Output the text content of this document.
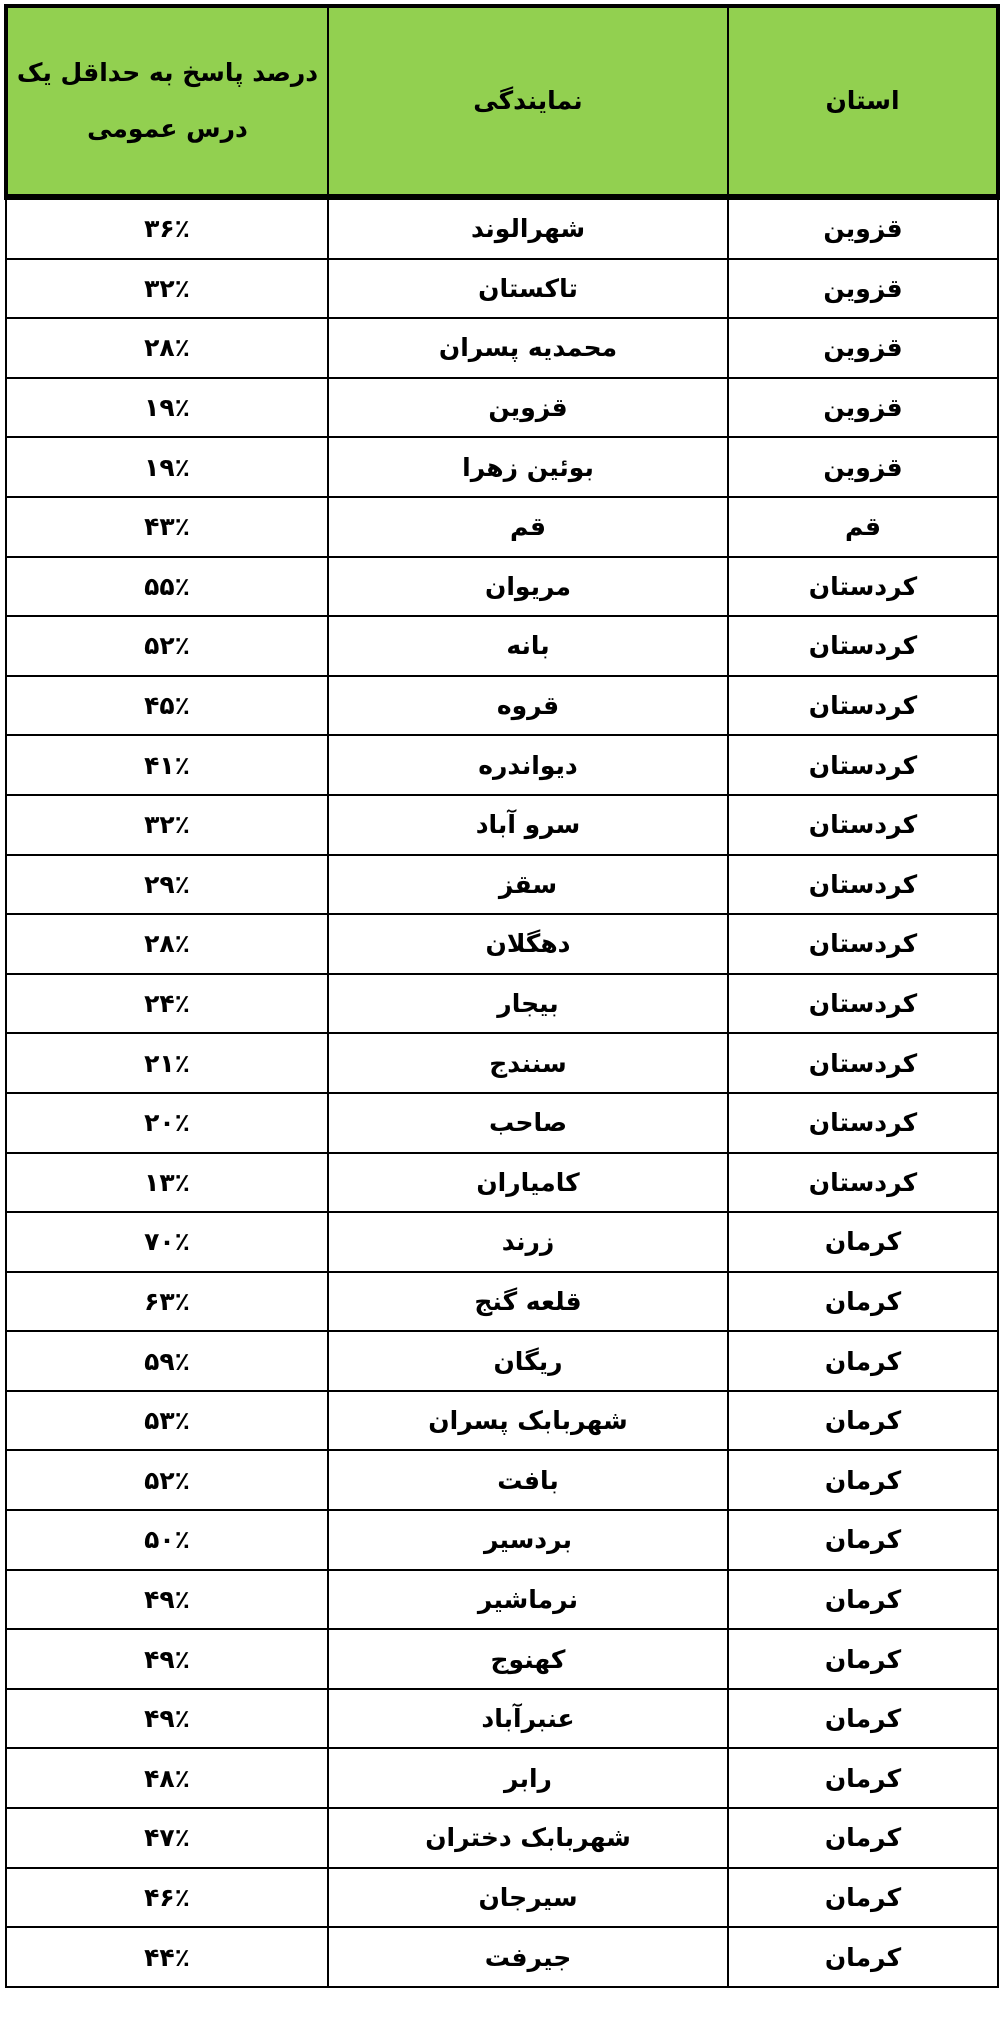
استان	نمایندگی	درصد پاسخ به حداقل یک درس عمومی
قزوین	شهرالوند	۳۶٪
قزوین	تاکستان	۳۲٪
قزوین	محمدیه پسران	۲۸٪
قزوین	قزوین	۱۹٪
قزوین	بوئین زهرا	۱۹٪
قم	قم	۴۳٪
کردستان	مریوان	۵۵٪
کردستان	بانه	۵۲٪
کردستان	قروه	۴۵٪
کردستان	دیواندره	۴۱٪
کردستان	سرو آباد	۳۲٪
کردستان	سقز	۲۹٪
کردستان	دهگلان	۲۸٪
کردستان	بیجار	۲۴٪
کردستان	سنندج	۲۱٪
کردستان	صاحب	۲۰٪
کردستان	کامیاران	۱۳٪
کرمان	زرند	۷۰٪
کرمان	قلعه گنج	۶۳٪
کرمان	ریگان	۵۹٪
کرمان	شهربابک پسران	۵۳٪
کرمان	بافت	۵۲٪
کرمان	بردسیر	۵۰٪
کرمان	نرماشیر	۴۹٪
کرمان	کهنوج	۴۹٪
کرمان	عنبرآباد	۴۹٪
کرمان	رابر	۴۸٪
کرمان	شهربابک دختران	۴۷٪
کرمان	سیرجان	۴۶٪
کرمان	جیرفت	۴۴٪
